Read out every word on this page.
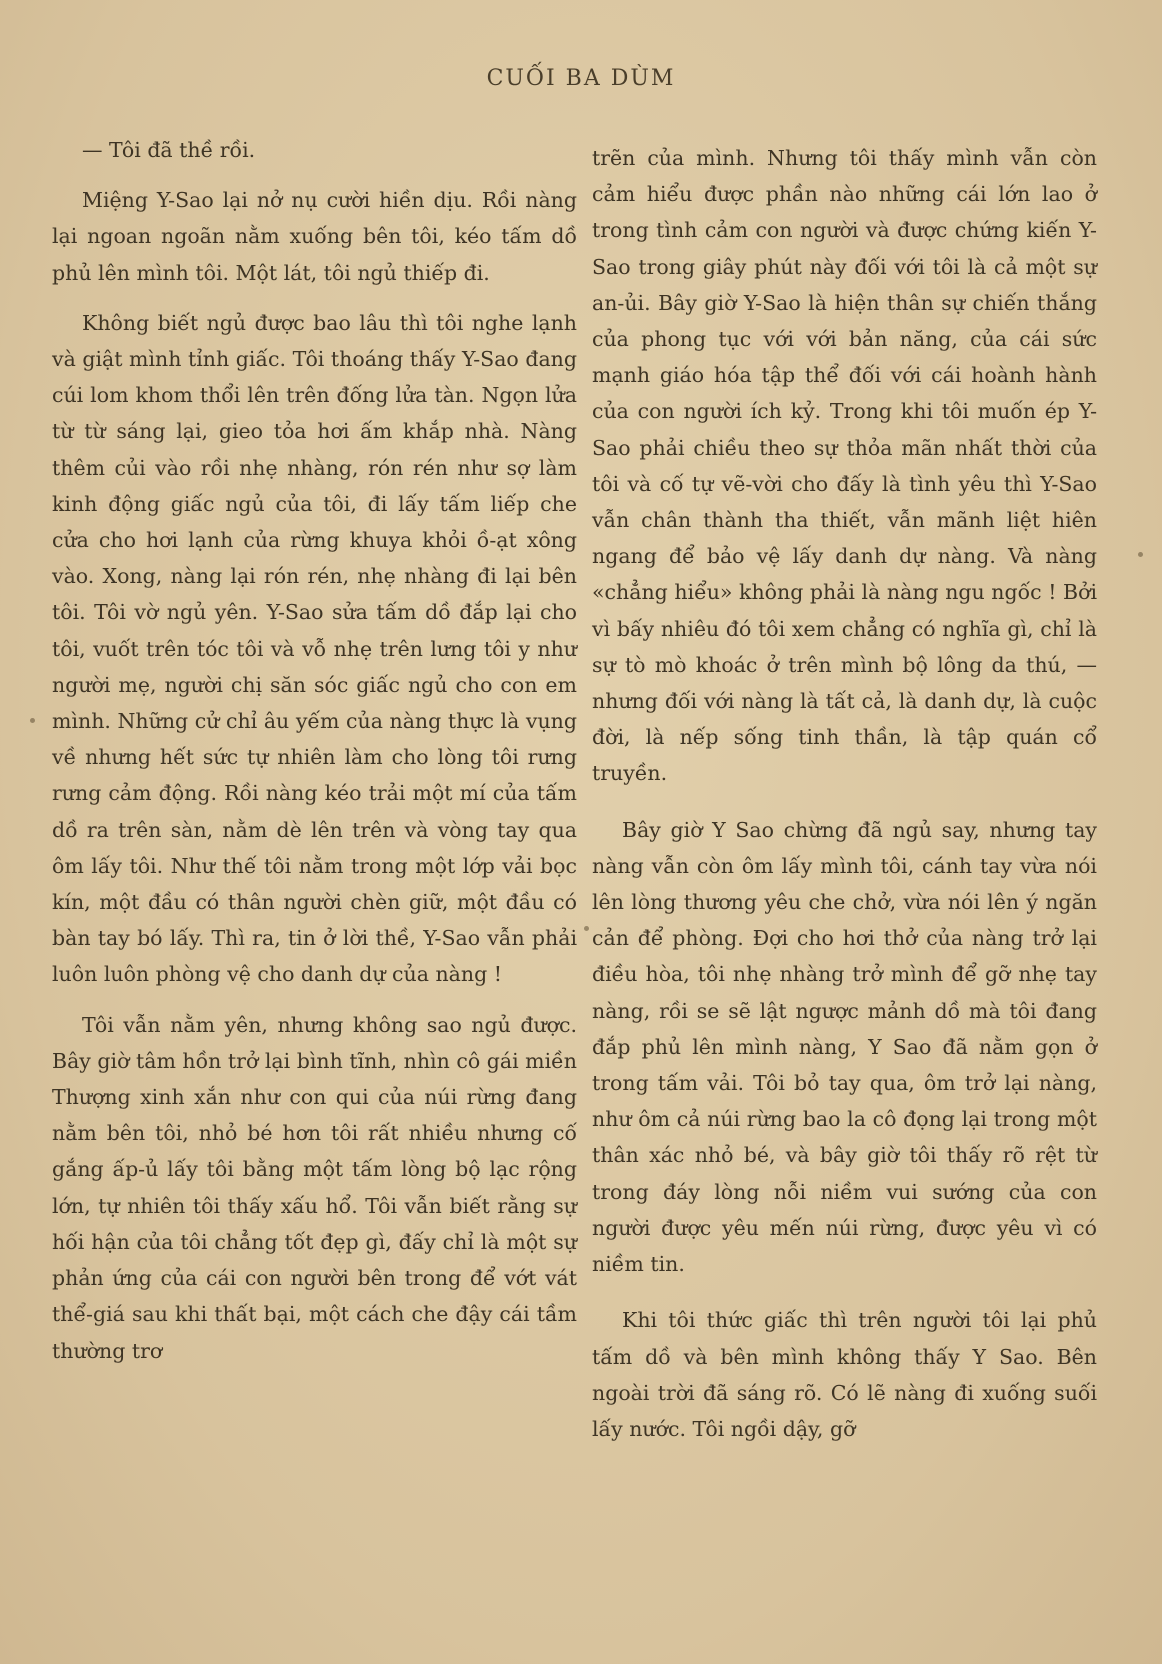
CUỐI BA DÙM

— Tôi đã thề rồi.

Miệng Y-Sao lại nở nụ cười hiền dịu. Rồi nàng lại ngoan ngoãn nằm xuống bên tôi, kéo tấm dồ phủ lên mình tôi. Một lát, tôi ngủ thiếp đi.

Không biết ngủ được bao lâu thì tôi nghe lạnh và giật mình tỉnh giấc. Tôi thoáng thấy Y-Sao đang cúi lom khom thổi lên trên đống lửa tàn. Ngọn lửa từ từ sáng lại, gieo tỏa hơi ấm khắp nhà. Nàng thêm củi vào rồi nhẹ nhàng, rón rén như sợ làm kinh động giấc ngủ của tôi, đi lấy tấm liếp che cửa cho hơi lạnh của rừng khuya khỏi ồ-ạt xông vào. Xong, nàng lại rón rén, nhẹ nhàng đi lại bên tôi. Tôi vờ ngủ yên. Y-Sao sửa tấm dồ đắp lại cho tôi, vuốt trên tóc tôi và vỗ nhẹ trên lưng tôi y như người mẹ, người chị săn sóc giấc ngủ cho con em mình. Những cử chỉ âu yếm của nàng thực là vụng về nhưng hết sức tự nhiên làm cho lòng tôi rưng rưng cảm động. Rồi nàng kéo trải một mí của tấm dồ ra trên sàn, nằm dè lên trên và vòng tay qua ôm lấy tôi. Như thế tôi nằm trong một lớp vải bọc kín, một đầu có thân người chèn giữ, một đầu có bàn tay bó lấy. Thì ra, tin ở lời thề, Y-Sao vẫn phải luôn luôn phòng vệ cho danh dự của nàng !

Tôi vẫn nằm yên, nhưng không sao ngủ được. Bây giờ tâm hồn trở lại bình tĩnh, nhìn cô gái miền Thượng xinh xắn như con qui của núi rừng đang nằm bên tôi, nhỏ bé hơn tôi rất nhiều nhưng cố gắng ấp-ủ lấy tôi bằng một tấm lòng bộ lạc rộng lớn, tự nhiên tôi thấy xấu hổ. Tôi vẫn biết rằng sự hối hận của tôi chẳng tốt đẹp gì, đấy chỉ là một sự phản ứng của cái con người bên trong để vớt vát thể-giá sau khi thất bại, một cách che đậy cái tầm thường trơ

trẽn của mình. Nhưng tôi thấy mình vẫn còn cảm hiểu được phần nào những cái lớn lao ở trong tình cảm con người và được chứng kiến Y-Sao trong giây phút này đối với tôi là cả một sự an-ủi. Bây giờ Y-Sao là hiện thân sự chiến thắng của phong tục với với bản năng, của cái sức mạnh giáo hóa tập thể đối với cái hoành hành của con người ích kỷ. Trong khi tôi muốn ép Y-Sao phải chiều theo sự thỏa mãn nhất thời của tôi và cố tự vẽ-vời cho đấy là tình yêu thì Y-Sao vẫn chân thành tha thiết, vẫn mãnh liệt hiên ngang để bảo vệ lấy danh dự nàng. Và nàng «chẳng hiểu» không phải là nàng ngu ngốc ! Bởi vì bấy nhiêu đó tôi xem chẳng có nghĩa gì, chỉ là sự tò mò khoác ở trên mình bộ lông da thú, — nhưng đối với nàng là tất cả, là danh dự, là cuộc đời, là nếp sống tinh thần, là tập quán cổ truyền.

Bây giờ Y Sao chừng đã ngủ say, nhưng tay nàng vẫn còn ôm lấy mình tôi, cánh tay vừa nói lên lòng thương yêu che chở, vừa nói lên ý ngăn cản để phòng. Đợi cho hơi thở của nàng trở lại điều hòa, tôi nhẹ nhàng trở mình để gỡ nhẹ tay nàng, rồi se sẽ lật ngược mảnh dồ mà tôi đang đắp phủ lên mình nàng, Y Sao đã nằm gọn ở trong tấm vải. Tôi bỏ tay qua, ôm trở lại nàng, như ôm cả núi rừng bao la cô đọng lại trong một thân xác nhỏ bé, và bây giờ tôi thấy rõ rệt từ trong đáy lòng nỗi niềm vui sướng của con người được yêu mến núi rừng, được yêu vì có niềm tin.

Khi tôi thức giấc thì trên người tôi lại phủ tấm dồ và bên mình không thấy Y Sao. Bên ngoài trời đã sáng rõ. Có lẽ nàng đi xuống suối lấy nước. Tôi ngồi dậy, gỡ
